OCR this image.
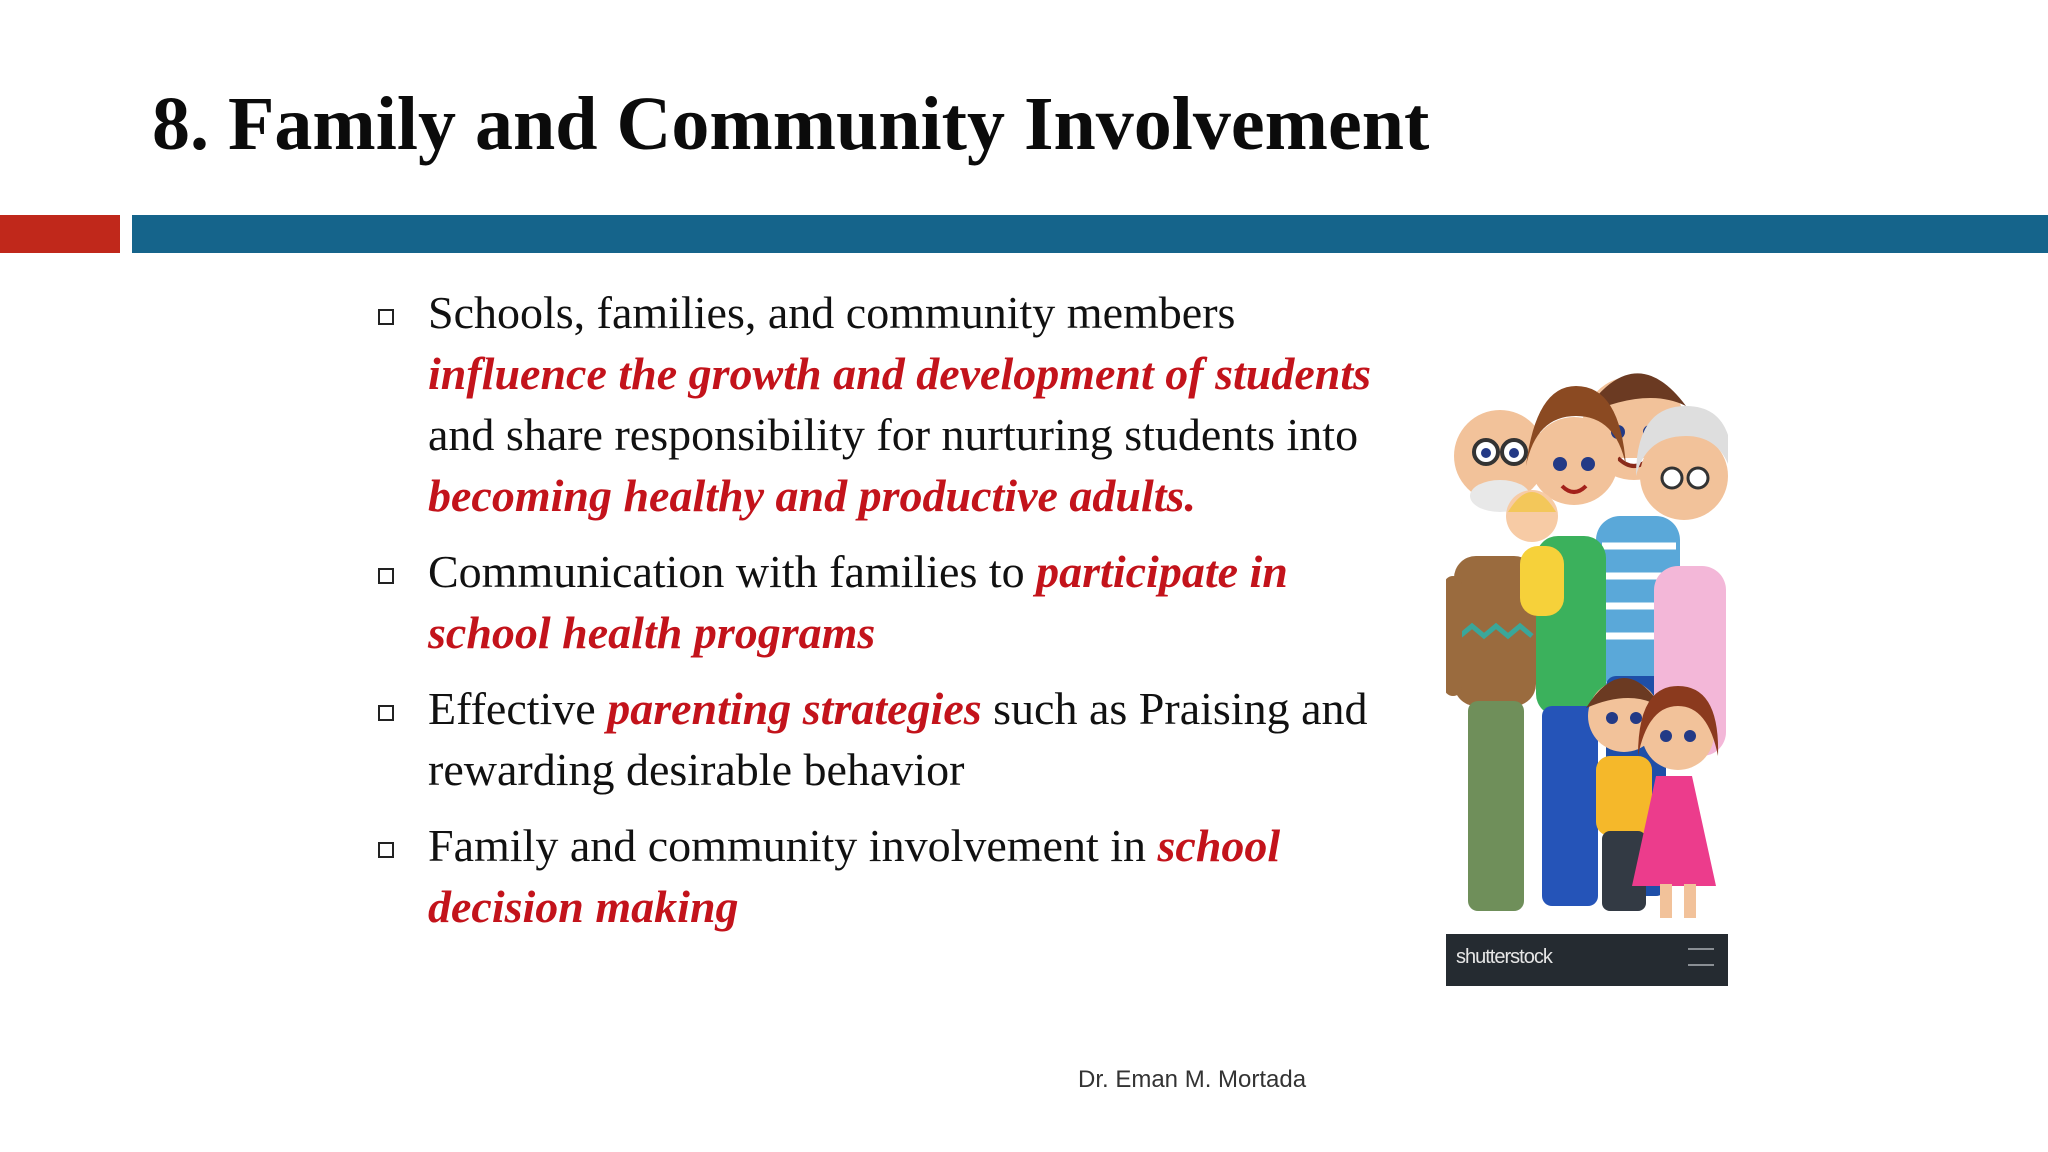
8. Family and Community Involvement
Schools, families, and community members influence the growth and development of students and share responsibility for nurturing students into becoming healthy and productive adults.
Communication with families to participate in school health programs
Effective parenting strategies such as Praising and rewarding desirable behavior
Family and community involvement in school decision making
shutterstock
Dr. Eman M. Mortada
